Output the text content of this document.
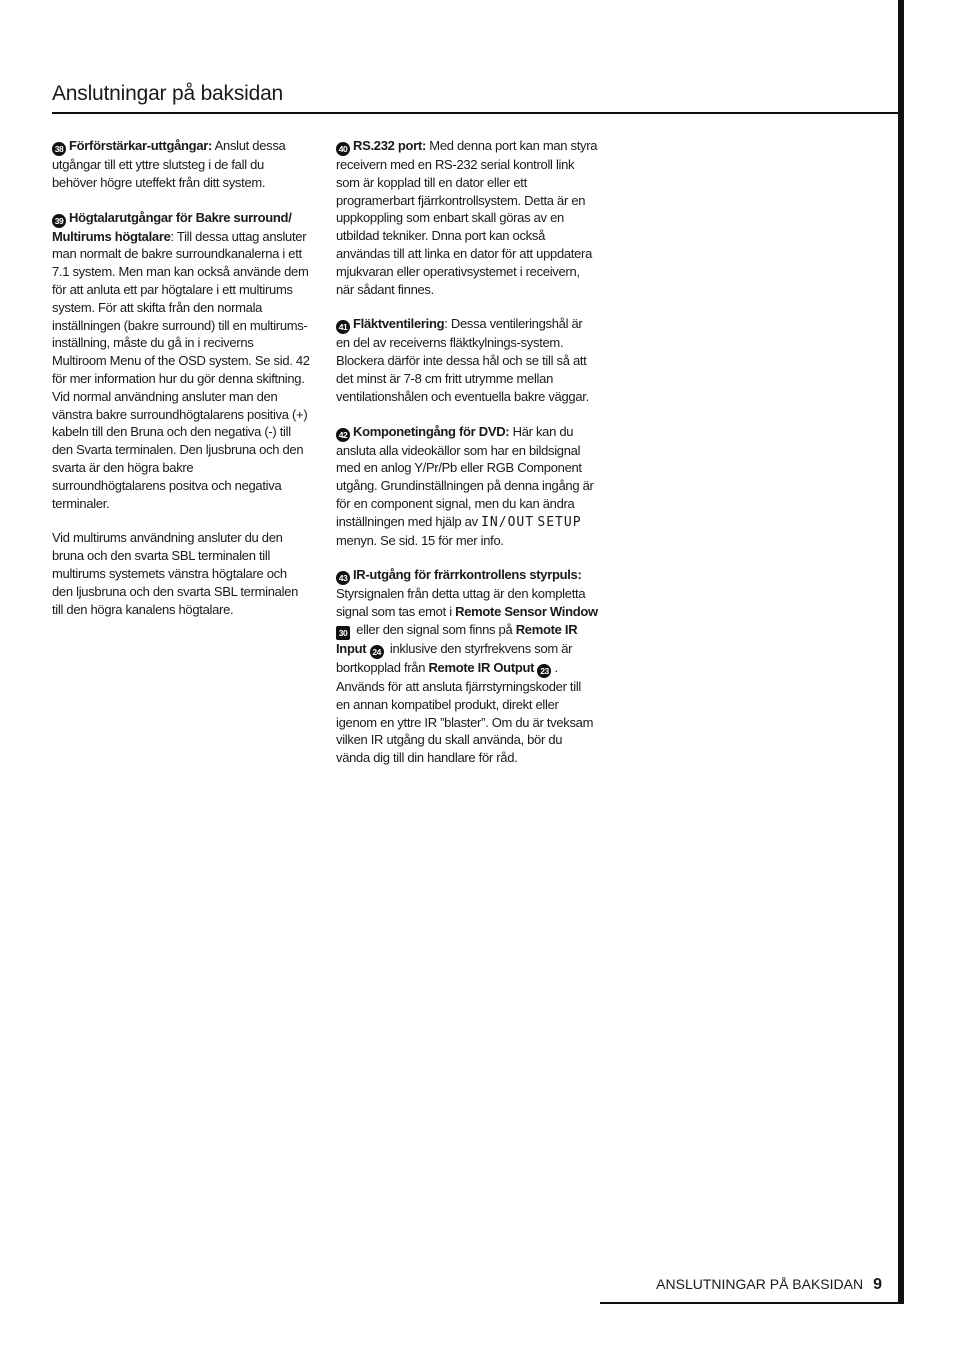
Anslutningar på baksidan

38 Förförstärkar-uttgångar: Anslut dessa utgångar till ett yttre slutsteg i de fall du behöver högre uteffekt från ditt system.

39 Högtalarutgångar för Bakre surround/ Multirums högtalare: Till dessa uttag ansluter man normalt de bakre surroundkanalerna i ett 7.1 system. Men man kan också använde dem för att anluta ett par högtalare i ett multirums system. För att skifta från den normala inställningen (bakre surround) till en multirums-inställning, måste du gå in i reciverns Multiroom Menu of the OSD system. Se sid. 42 för mer information hur du gör denna skiftning. Vid normal användning ansluter man den vänstra bakre surroundhögtalarens positiva (+) kabeln till den Bruna och den negativa (-) till den Svarta terminalen. Den ljusbruna och den svarta är den högra bakre surroundhögtalarens positva och negativa terminaler.

Vid multirums användning ansluter du den bruna och den svarta SBL terminalen till multirums systemets vänstra högtalare och den ljusbruna och den svarta SBL terminalen till den högra kanalens högtalare.

40 RS.232 port: Med denna port kan man styra receivern med en RS-232 serial kontroll link som är kopplad till en dator eller ett programerbart fjärrkontrollsystem. Detta är en uppkoppling som enbart skall göras av en utbildad tekniker. Dnna port kan också användas till att linka en dator för att uppdatera mjukvaran eller operativsystemet i receivern, när sådant finnes.

41 Fläktventilering: Dessa ventileringshål är en del av receiverns fläktkylnings-system. Blockera därför inte dessa hål och se till så att det minst är 7-8 cm fritt utrymme mellan ventilationshålen och eventuella bakre väggar.

42 Komponetingång för DVD: Här kan du ansluta alla videokällor som har en bildsignal med en anlog Y/Pr/Pb eller RGB Component utgång. Grundinställningen på denna ingång är för en component signal, men du kan ändra inställningen med hjälp av IN/OUT SETUP menyn. Se sid. 15 för mer info.

43 IR-utgång för frärrkontrollens styrpuls: Styrsignalen från detta uttag är den kompletta signal som tas emot i Remote Sensor Window 30 eller den signal som finns på Remote IR Input 24 inklusive den styrfrekvens som är bortkopplad från Remote IR Output 23 . Används för att ansluta fjärrstyrningskoder till en annan kompatibel produkt, direkt eller igenom en yttre IR ”blaster”. Om du är tveksam vilken IR utgång du skall använda, bör du vända dig till din handlare för råd.

ANSLUTNINGAR PÅ BAKSIDAN 9
